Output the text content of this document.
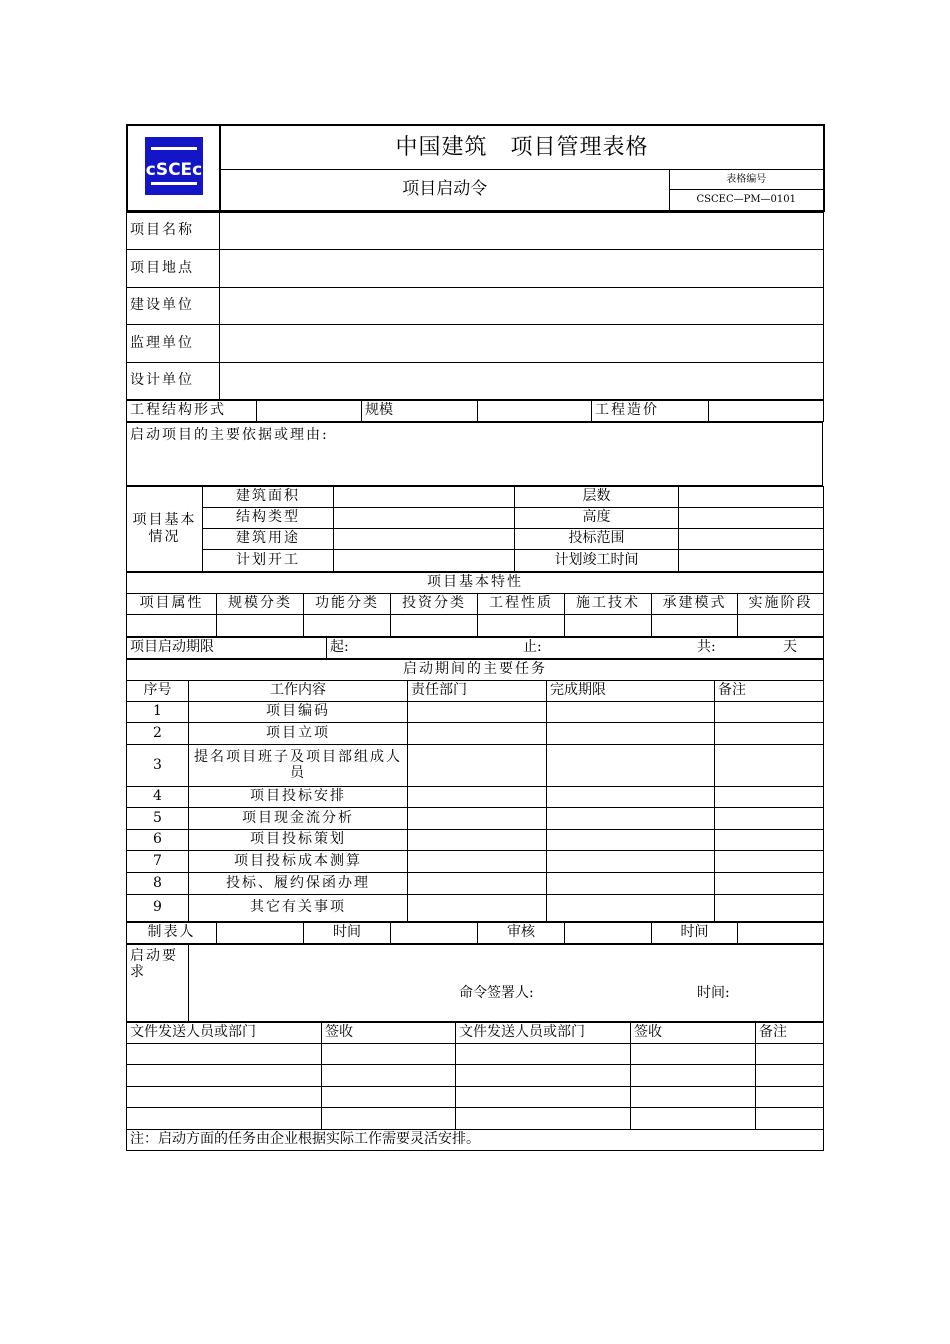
cSCEc	中国建筑　项目管理表格	
	项目启动令	表格编号
CSCEC—PM—0101
项目名称	
项目地点	
建设单位	
监理单位	
设计单位	
工程结构形式		规模		工程造价	
启动项目的主要依据或理由:
项目基本情况	建筑面积		层数	
	结构类型		高度	
	建筑用途		投标范围	
	计划开工		计划竣工时间	
项目基本特性							
项目属性	规模分类	功能分类	投资分类	工程性质	施工技术	承建模式	实施阶段

项目启动期限	起:	止:	共:	天
启动期间的主要任务				
序号	工作内容	责任部门	完成期限	备注
1	项目编码			
2	项目立项			
3	提名项目班子及项目部组成人员			
4	项目投标安排			
5	项目现金流分析			
6	项目投标策划			
7	项目投标成本测算			
8	投标、履约保函办理			
9	其它有关事项			
制表人		时间		审核		时间	
启动要求	
命令签署人:	时间:
文件发送人员或部门	签收	文件发送人员或部门	签收	备注

注：启动方面的任务由企业根据实际工作需要灵活安排。				
